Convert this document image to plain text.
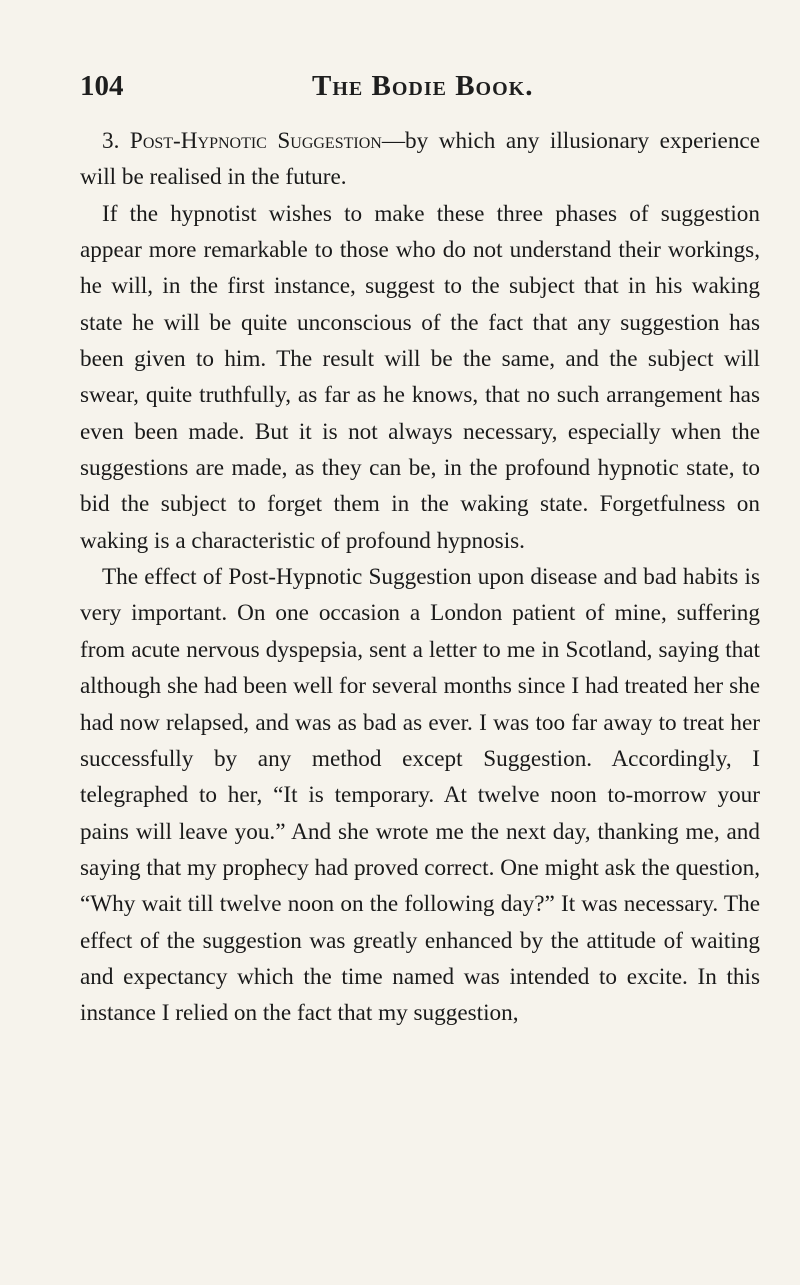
104	The Bodie Book.

3. Post-Hypnotic Suggestion—by which any illusionary experience will be realised in the future.

If the hypnotist wishes to make these three phases of suggestion appear more remarkable to those who do not understand their workings, he will, in the first instance, suggest to the subject that in his waking state he will be quite unconscious of the fact that any suggestion has been given to him. The result will be the same, and the subject will swear, quite truthfully, as far as he knows, that no such arrangement has even been made. But it is not always necessary, especially when the suggestions are made, as they can be, in the profound hypnotic state, to bid the subject to forget them in the waking state. Forgetfulness on waking is a characteristic of profound hypnosis.

The effect of Post-Hypnotic Suggestion upon disease and bad habits is very important. On one occasion a London patient of mine, suffering from acute nervous dyspepsia, sent a letter to me in Scotland, saying that although she had been well for several months since I had treated her she had now relapsed, and was as bad as ever. I was too far away to treat her successfully by any method except Suggestion. Accordingly, I telegraphed to her, “It is temporary. At twelve noon to-morrow your pains will leave you.” And she wrote me the next day, thanking me, and saying that my prophecy had proved correct. One might ask the question, “Why wait till twelve noon on the following day?” It was necessary. The effect of the suggestion was greatly enhanced by the attitude of waiting and expectancy which the time named was intended to excite. In this instance I relied on the fact that my suggestion,
